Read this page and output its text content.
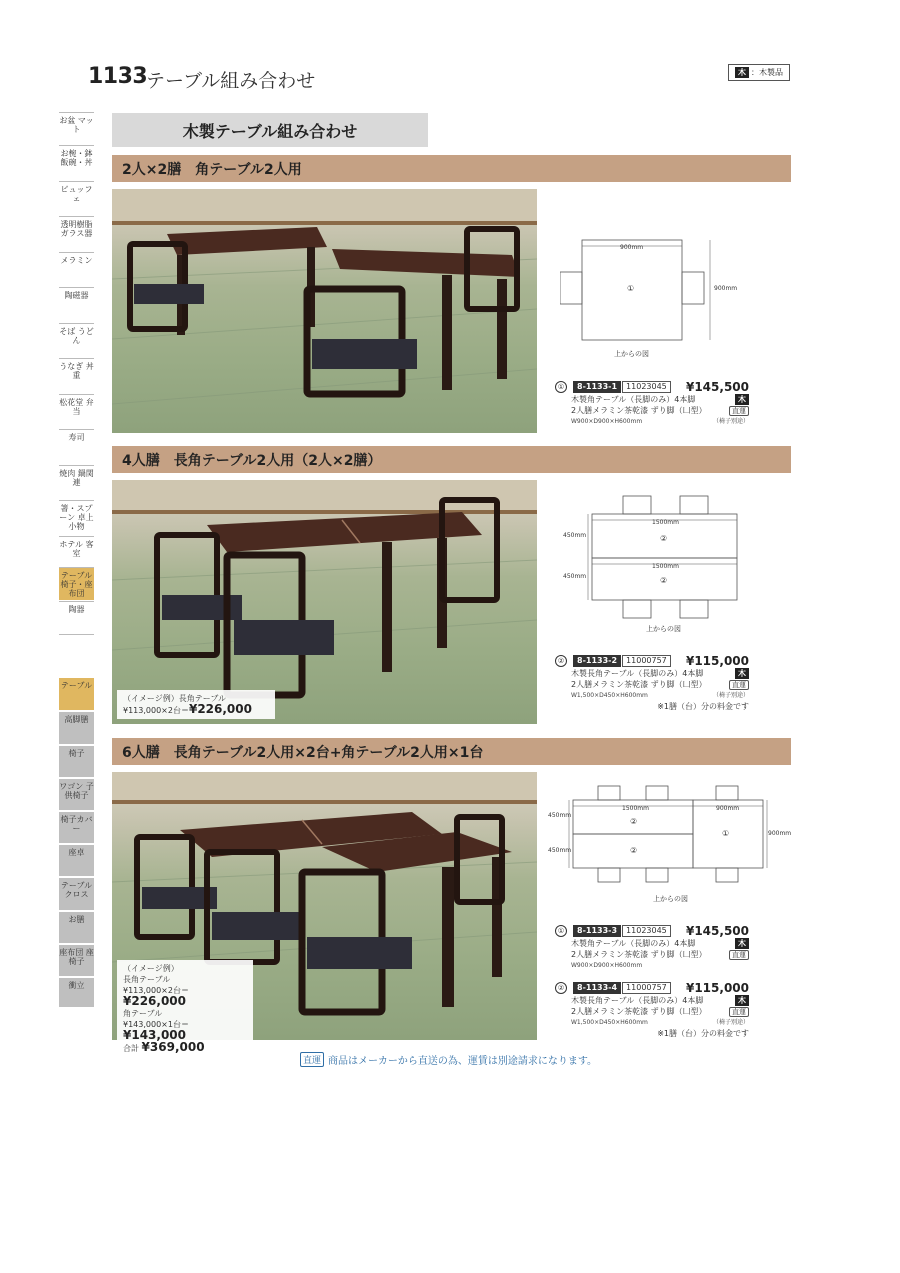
1133
テーブル組み合わせ	木 ：木製品
お盆 マット
お椀・鉢 飯碗・丼
ビュッフェ
透明樹脂 ガラス器
メラミン
陶磁器
そば うどん
うなぎ 丼重
松花堂 弁当
寿司
焼肉 鍋関連
箸・スプーン 卓上小物
ホテル 客室
テーブル 椅子・座布団
陶器
テーブル
高脚膳
椅子
ワゴン 子供椅子
椅子カバー
座卓
テーブル クロス
お膳
座布団 座椅子
衝立
木製テーブル組み合わせ
2人×2膳　角テーブル2人用
900mm
900mm
①
上からの図
①	8-1133-1	11023045	¥145,500
木製角テーブル（長脚のみ）4本脚	木
2人膳メラミン茶乾漆 ずり脚（凵型）	直運
W900×D900×H600mm	（椅子別途）
4人膳　長角テーブル2人用（2人×2膳）
（イメージ例）長角テーブル
¥113,000×2台＝¥226,000
1500mm
1500mm
450mm
450mm
②
②
上からの図
②	8-1133-2	11000757	¥115,000
木製長角テーブル（長脚のみ）4本脚	木
2人膳メラミン茶乾漆 ずり脚（凵型）	直運
W1,500×D450×H600mm	（椅子別途）
※1膳（台）分の料金です
6人膳　長角テーブル2人用×2台+角テーブル2人用×1台
（イメージ例）
長角テーブル
¥113,000×2台＝¥226,000
角テーブル
¥143,000×1台＝¥143,000
合計 ¥369,000
1500mm	900mm
450mm
450mm
900mm
②
②
①
上からの図
①	8-1133-3	11023045	¥145,500
木製角テーブル（長脚のみ）4本脚	木
2人膳メラミン茶乾漆 ずり脚（凵型）	直運
W900×D900×H600mm
②	8-1133-4	11000757	¥115,000
木製長角テーブル（長脚のみ）4本脚	木
2人膳メラミン茶乾漆 ずり脚（凵型）	直運
W1,500×D450×H600mm	（椅子別途）
※1膳（台）分の料金です
直運 商品はメーカーから直送の為、運賃は別途請求になります。
